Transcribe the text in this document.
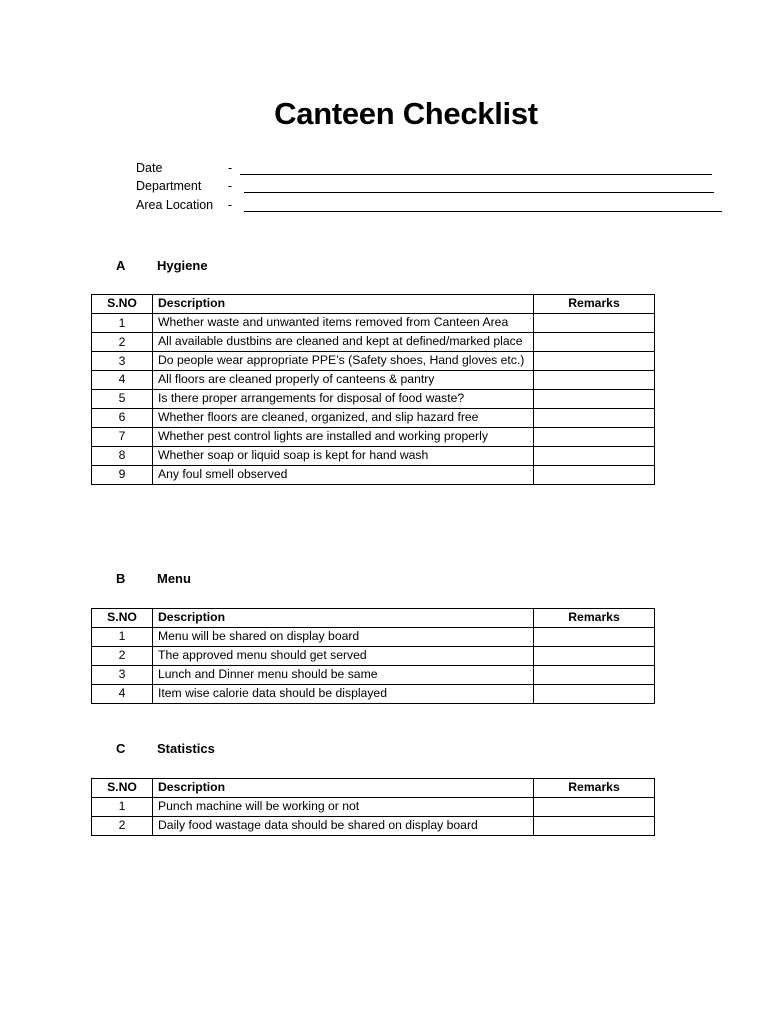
Canteen Checklist
Date	-
Department -
Area Location -
A Hygiene
S.NO	Description	Remarks
1	Whether waste and unwanted items removed from Canteen Area	
2	All available dustbins are cleaned and kept at defined/marked place	
3	Do people wear appropriate PPE’s (Safety shoes, Hand gloves etc.)	
4	All floors are cleaned properly of canteens & pantry	
5	Is there proper arrangements for disposal of food waste?	
6	Whether floors are cleaned, organized, and slip hazard free	
7	Whether pest control lights are installed and working properly	
8	Whether soap or liquid soap is kept for hand wash	
9	Any foul smell observed	
B Menu
S.NO	Description	Remarks
1	Menu will be shared on display board	
2	The approved menu should get served	
3	Lunch and Dinner menu should be same	
4	Item wise calorie data should be displayed	
C Statistics
S.NO	Description	Remarks
1	Punch machine will be working or not	
2	Daily food wastage data should be shared on display board	
